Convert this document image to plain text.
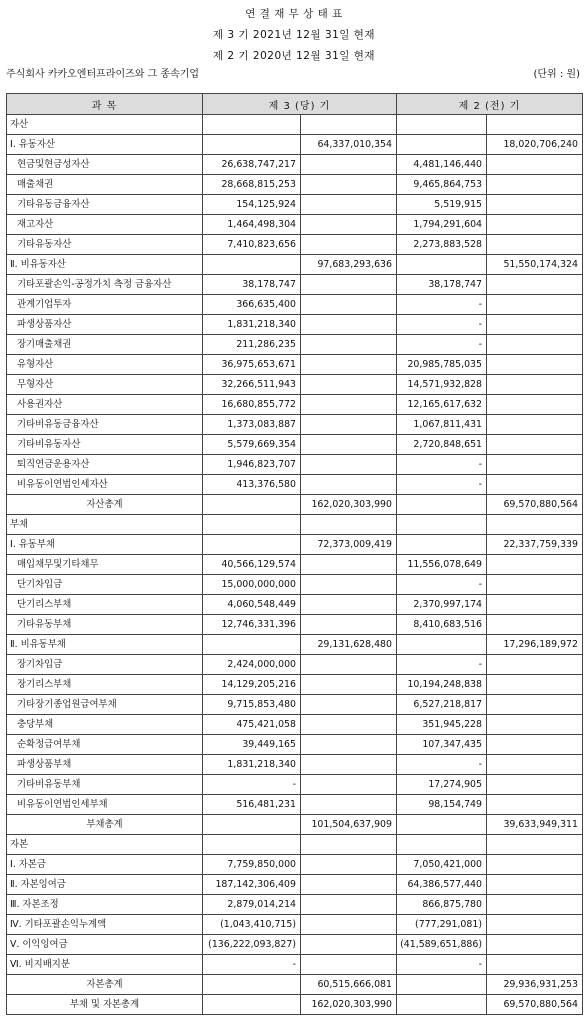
연 결 재 무 상 태 표
제 3 기 2021년 12월 31일 현재
제 2 기 2020년 12월 31일 현재
주식회사 카카오엔터프라이즈와 그 종속기업	(단위 : 원)
과 목	제 3 (당) 기		제 2 (전) 기	
자산				
Ⅰ. 유동자산		64,337,010,354		18,020,706,240
현금및현금성자산	26,638,747,217		4,481,146,440	
매출채권	28,668,815,253		9,465,864,753	
기타유동금융자산	154,125,924		5,519,915	
재고자산	1,464,498,304		1,794,291,604	
기타유동자산	7,410,823,656		2,273,883,528	
Ⅱ. 비유동자산		97,683,293,636		51,550,174,324
기타포괄손익-공정가치 측정 금융자산	38,178,747		38,178,747	
관계기업투자	366,635,400		-	
파생상품자산	1,831,218,340		-	
장기매출채권	211,286,235		-	
유형자산	36,975,653,671		20,985,785,035	
무형자산	32,266,511,943		14,571,932,828	
사용권자산	16,680,855,772		12,165,617,632	
기타비유동금융자산	1,373,083,887		1,067,811,431	
기타비유동자산	5,579,669,354		2,720,848,651	
퇴직연금운용자산	1,946,823,707		-	
비유동이연법인세자산	413,376,580		-	
자산총계		162,020,303,990		69,570,880,564
부채				
Ⅰ. 유동부채		72,373,009,419		22,337,759,339
매입채무및기타채무	40,566,129,574		11,556,078,649	
단기차입금	15,000,000,000		-	
단기리스부채	4,060,548,449		2,370,997,174	
기타유동부채	12,746,331,396		8,410,683,516	
Ⅱ. 비유동부채		29,131,628,480		17,296,189,972
장기차입금	2,424,000,000		-	
장기리스부채	14,129,205,216		10,194,248,838	
기타장기종업원급여부채	9,715,853,480		6,527,218,817	
충당부채	475,421,058		351,945,228	
순확정급여부채	39,449,165		107,347,435	
파생상품부채	1,831,218,340		-	
기타비유동부채	-		17,274,905	
비유동이연법인세부채	516,481,231		98,154,749	
부채총계		101,504,637,909		39,633,949,311
자본				
Ⅰ. 자본금	7,759,850,000		7,050,421,000	
Ⅱ. 자본잉여금	187,142,306,409		64,386,577,440	
Ⅲ. 자본조정	2,879,014,214		866,875,780	
Ⅳ. 기타포괄손익누계액	(1,043,410,715)		(777,291,081)	
Ⅴ. 이익잉여금	(136,222,093,827)		(41,589,651,886)	
Ⅵ. 비지배지분	-		-	
자본총계		60,515,666,081		29,936,931,253
부채 및 자본총계		162,020,303,990		69,570,880,564
